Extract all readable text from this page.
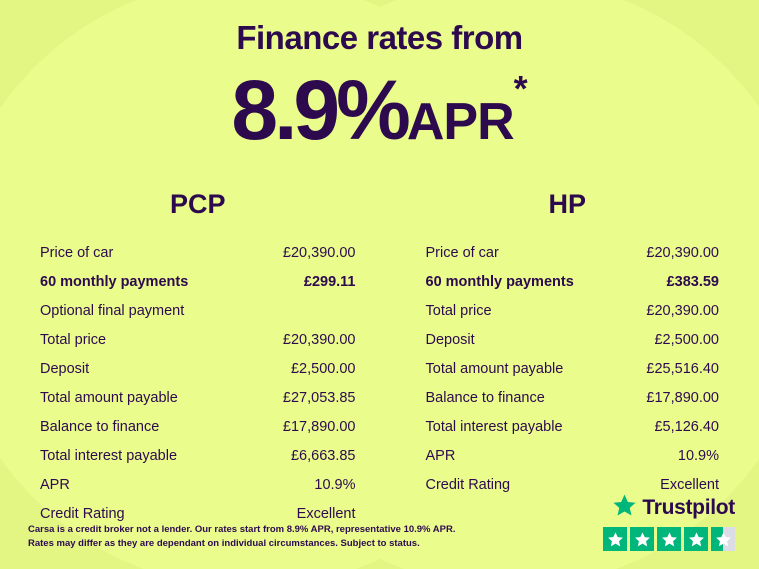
Finance rates from
8.9%APR*
PCP
Price of car	£20,390.00
60 monthly payments	£299.11
Optional final payment
Total price	£20,390.00
Deposit	£2,500.00
Total amount payable	£27,053.85
Balance to finance	£17,890.00
Total interest payable	£6,663.85
APR	10.9%
Credit Rating	Excellent
HP
Price of car	£20,390.00
60 monthly payments	£383.59
Total price	£20,390.00
Deposit	£2,500.00
Total amount payable	£25,516.40
Balance to finance	£17,890.00
Total interest payable	£5,126.40
APR	10.9%
Credit Rating	Excellent
Carsa is a credit broker not a lender. Our rates start from 8.9% APR, representative 10.9% APR. Rates may differ as they are dependant on individual circumstances. Subject to status.
Trustpilot
